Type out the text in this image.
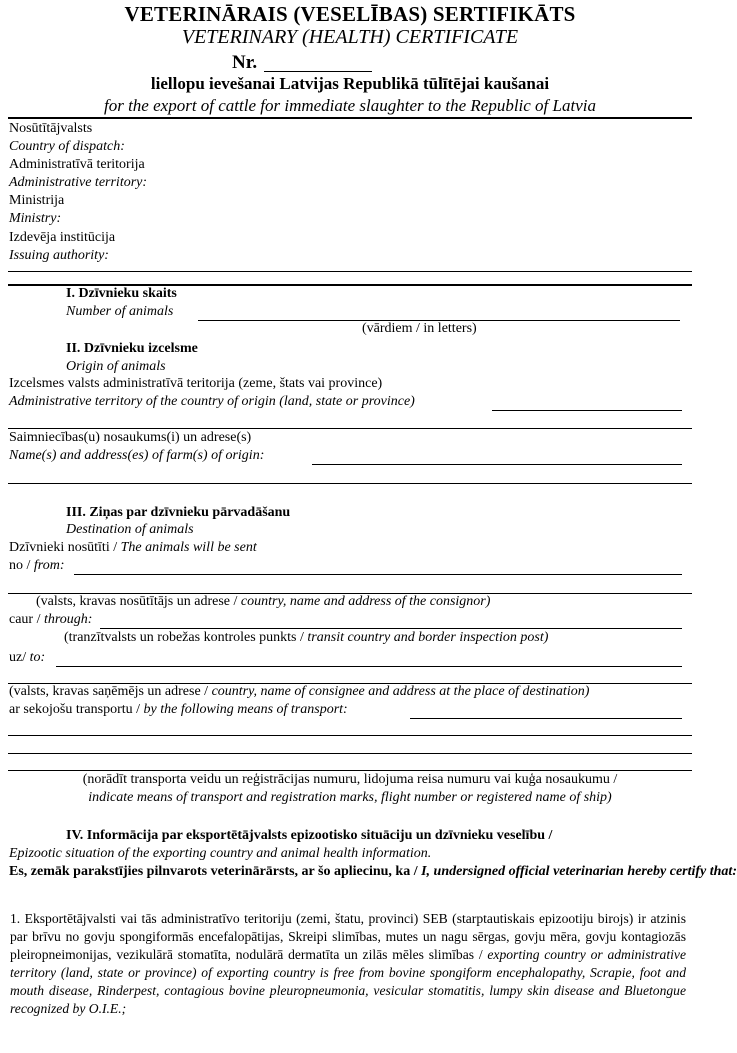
VETERINĀRAIS (VESELĪBAS) SERTIFIKĀTS
VETERINARY (HEALTH) CERTIFICATE
Nr.
liellopu ievešanai Latvijas Republikā tūlītējai kaušanai
for the export of cattle for immediate slaughter to the Republic of Latvia
Nosūtītājvalsts
Country of dispatch:
Administratīvā teritorija
Administrative territory:
Ministrija
Ministry:
Izdevēja institūcija
Issuing authority:
I. Dzīvnieku skaits
Number of animals
(vārdiem / in letters)
II. Dzīvnieku izcelsme
Origin of animals
Izcelsmes valsts administratīvā teritorija (zeme, štats vai province)
Administrative territory of the country of origin (land, state or province)
Saimniecības(u) nosaukums(i) un adrese(s)
Name(s) and address(es) of farm(s) of origin:
III. Ziņas par dzīvnieku pārvadāšanu
Destination of animals
Dzīvnieki nosūtīti / The animals will be sent
no / from:
(valsts, kravas nosūtītājs un adrese / country, name and address of the consignor)
caur / through:
(tranzītvalsts un robežas kontroles punkts / transit country and border inspection post)
uz/ to:
(valsts, kravas saņēmējs un adrese / country, name of consignee and address at the place of destination)
ar sekojošu transportu / by the following means of transport:
(norādīt transporta veidu un reģistrācijas numuru, lidojuma reisa numuru vai kuģa nosaukumu /
indicate means of transport and registration marks, flight number or registered name of ship)
IV. Informācija par eksportētājvalsts epizootisko situāciju un dzīvnieku veselību /
Epizootic situation of the exporting country and animal health information.
Es, zemāk parakstījies pilnvarots veterinārārsts, ar šo apliecinu, ka / I, undersigned official veterinarian hereby certify that:
1. Eksportētājvalsti vai tās administratīvo teritoriju (zemi, štatu, provinci) SEB (starptautiskais epizootiju birojs) ir atzinis par brīvu no govju spongiformās encefalopātijas, Skreipi slimības, mutes un nagu sērgas, govju mēra, govju kontagiozās pleiropneimonijas, vezikulārā stomatīta, nodulārā dermatīta un zilās mēles slimības / exporting country or administrative territory (land, state or province) of exporting country is free from bovine spongiform encephalopathy, Scrapie, foot and mouth disease, Rinderpest, contagious bovine pleuropneumonia, vesicular stomatitis, lumpy skin disease and Bluetongue recognized by O.I.E.;
